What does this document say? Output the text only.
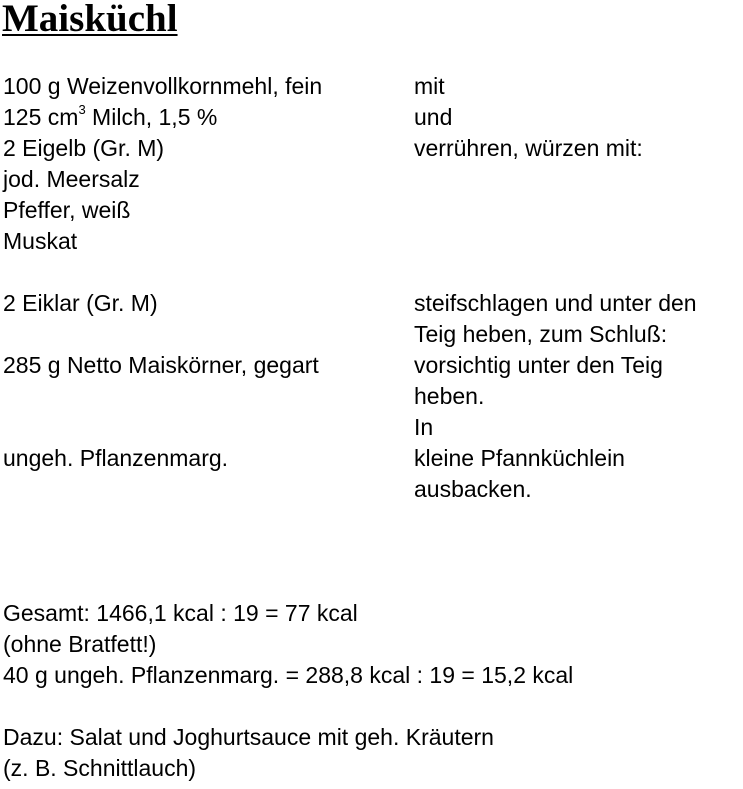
Maisküchl
100 g Weizenvollkornmehl, fein	mit
125 $cm^3$ Milch, 1,5 %	und
2 Eigelb (Gr. M)	verrühren, würzen mit:
jod. Meersalz
Pfeffer, weiß
Muskat
2 Eiklar (Gr. M)	steifschlagen und unter den
Teig heben, zum Schluß:
285 g Netto Maiskörner, gegart	vorsichtig unter den Teig
heben.
In
ungeh. Pflanzenmarg.	kleine Pfannküchlein
ausbacken.
Gesamt: 1466,1 kcal : 19 = 77 kcal
(ohne Bratfett!)
40 g ungeh. Pflanzenmarg. = 288,8 kcal : 19 = 15,2 kcal
Dazu: Salat und Joghurtsauce mit geh. Kräutern
(z. B. Schnittlauch)
